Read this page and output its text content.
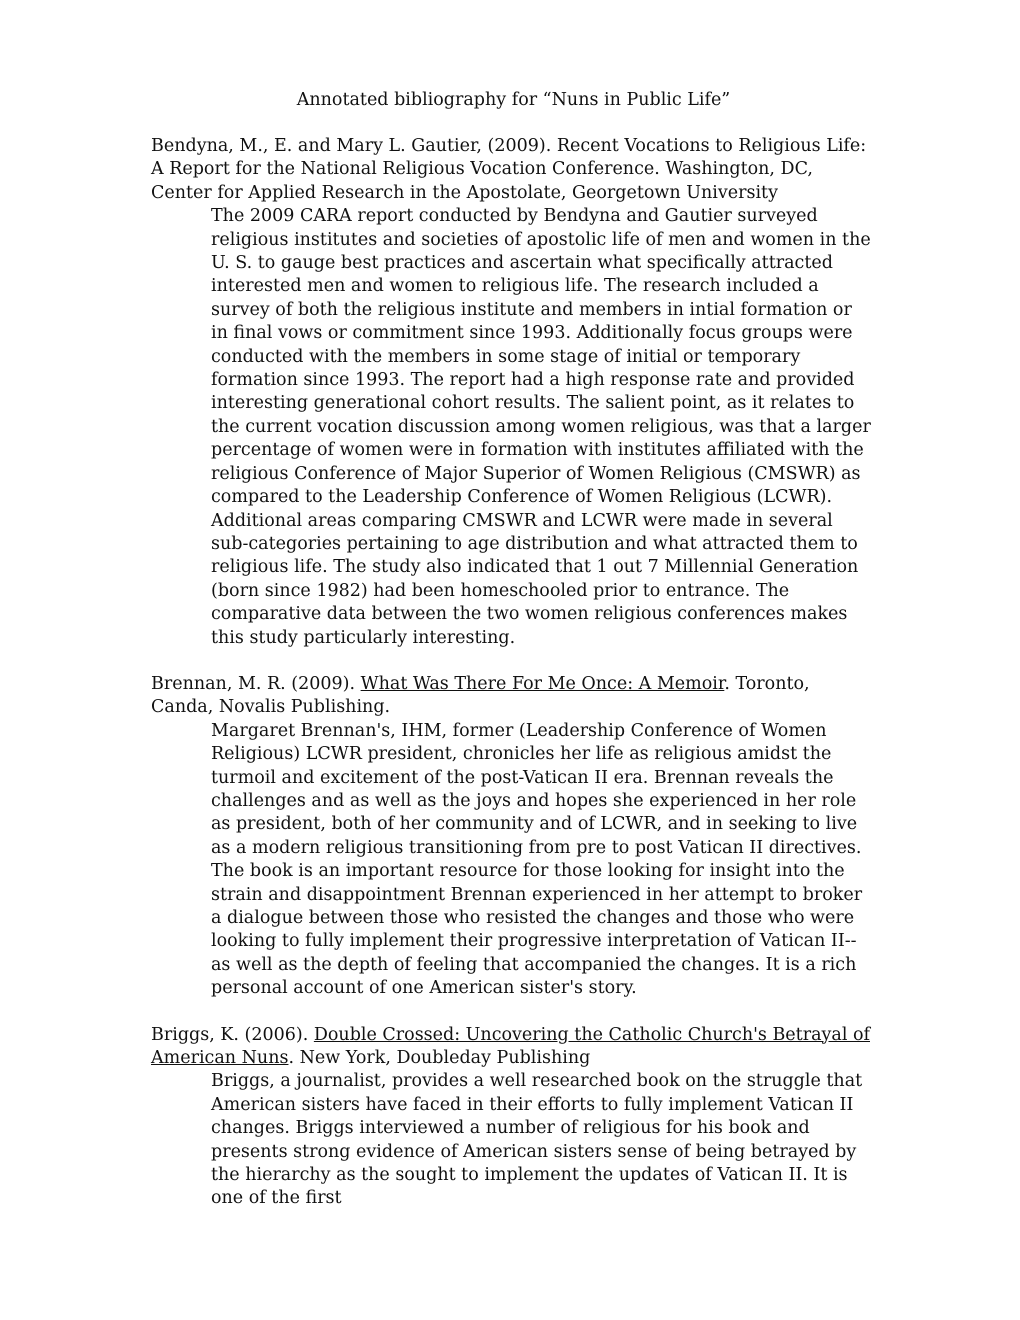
Annotated bibliography for “Nuns in Public Life”

Bendyna, M., E. and Mary L. Gautier, (2009). Recent Vocations to Religious Life: A Report for the National Religious Vocation Conference. Washington, DC, Center for Applied Research in the Apostolate, Georgetown University

The 2009 CARA report conducted by Bendyna and Gautier surveyed religious institutes and societies of apostolic life of men and women in the U. S. to gauge best practices and ascertain what specifically attracted interested men and women to religious life. The research included a survey of both the religious institute and members in intial formation or in final vows or commitment since 1993. Additionally focus groups were conducted with the members in some stage of initial or temporary formation since 1993. The report had a high response rate and provided interesting generational cohort results. The salient point, as it relates to the current vocation discussion among women religious, was that a larger percentage of women were in formation with institutes affiliated with the religious Conference of Major Superior of Women Religious (CMSWR) as compared to the Leadership Conference of Women Religious (LCWR). Additional areas comparing CMSWR and LCWR were made in several sub-categories pertaining to age distribution and what attracted them to religious life. The study also indicated that 1 out 7 Millennial Generation (born since 1982) had been homeschooled prior to entrance. The comparative data between the two women religious conferences makes this study particularly interesting.

Brennan, M. R. (2009). What Was There For Me Once: A Memoir. Toronto, Canda, Novalis Publishing.

Margaret Brennan's, IHM, former (Leadership Conference of Women Religious) LCWR president, chronicles her life as religious amidst the turmoil and excitement of the post-Vatican II era. Brennan reveals the challenges and as well as the joys and hopes she experienced in her role as president, both of her community and of LCWR, and in seeking to live as a modern religious transitioning from pre to post Vatican II directives. The book is an important resource for those looking for insight into the strain and disappointment Brennan experienced in her attempt to broker a dialogue between those who resisted the changes and those who were looking to fully implement their progressive interpretation of Vatican II--as well as the depth of feeling that accompanied the changes. It is a rich personal account of one American sister's story.

Briggs, K. (2006). Double Crossed: Uncovering the Catholic Church's Betrayal of American Nuns. New York, Doubleday Publishing

Briggs, a journalist, provides a well researched book on the struggle that American sisters have faced in their efforts to fully implement Vatican II changes. Briggs interviewed a number of religious for his book and presents strong evidence of American sisters sense of being betrayed by the hierarchy as the sought to implement the updates of Vatican II. It is one of the first
